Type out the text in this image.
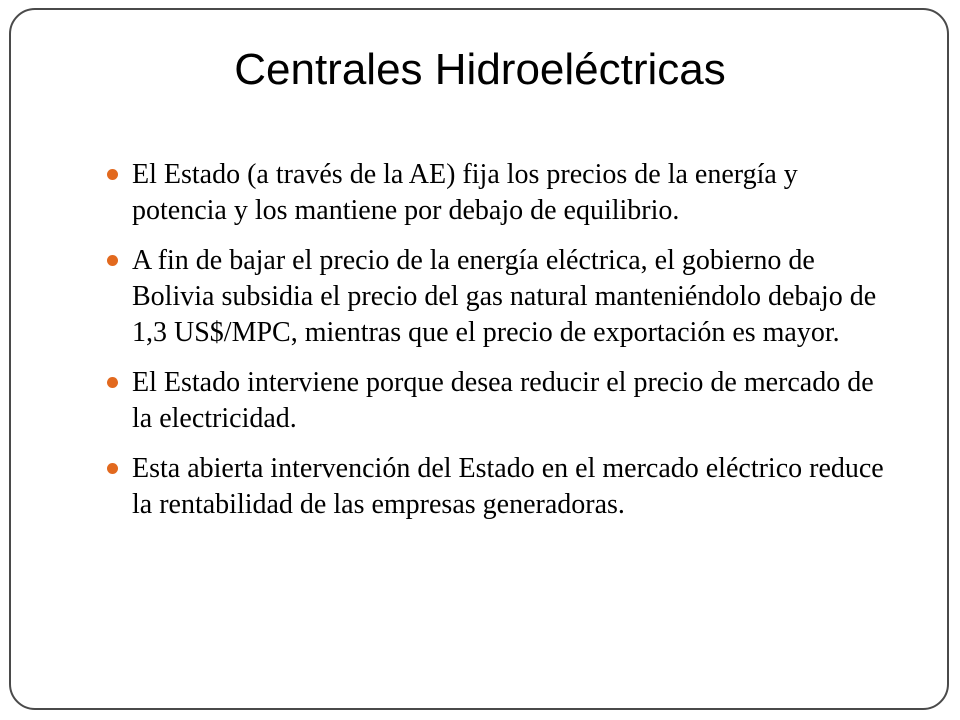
Centrales Hidroeléctricas
El Estado (a través de la AE) fija los precios de la energía y potencia y los mantiene por debajo de equilibrio.
A fin de bajar el precio de la energía eléctrica, el gobierno de Bolivia subsidia el precio del gas natural manteniéndolo debajo de 1,3 US$/MPC, mientras que el precio de exportación es mayor.
El Estado interviene porque desea reducir el precio de mercado de la electricidad.
Esta abierta intervención del Estado en el mercado eléctrico reduce la rentabilidad de las empresas generadoras.
